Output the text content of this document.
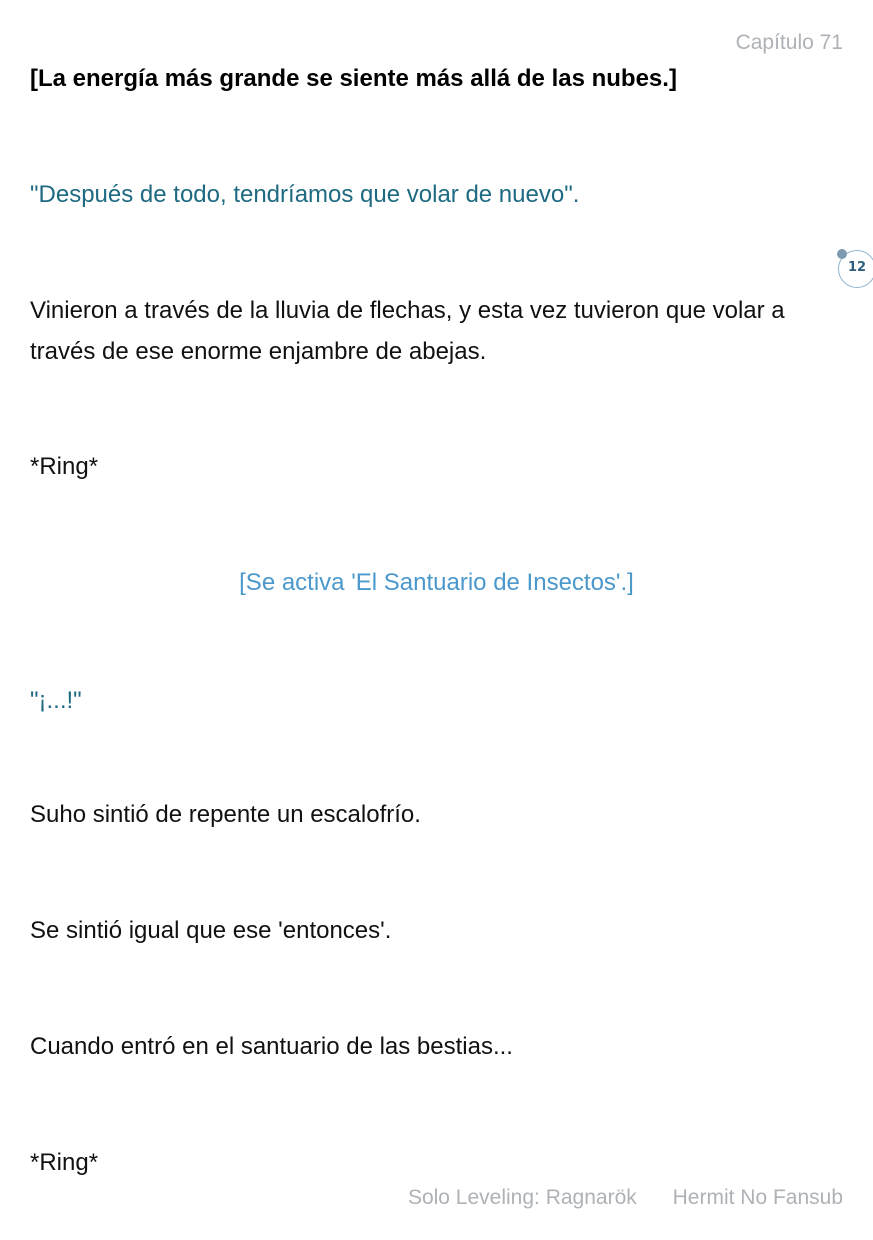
Capítulo 71
[La energía más grande se siente más allá de las nubes.]
"Después de todo, tendríamos que volar de nuevo".
12
Vinieron a través de la lluvia de flechas, y esta vez tuvieron que volar a través de ese enorme enjambre de abejas.
*Ring*
[Se activa 'El Santuario de Insectos'.]
"¡...!"
Suho sintió de repente un escalofrío.
Se sintió igual que ese 'entonces'.
Cuando entró en el santuario de las bestias...
*Ring*
Solo Leveling: Ragnarök Hermit No Fansub
